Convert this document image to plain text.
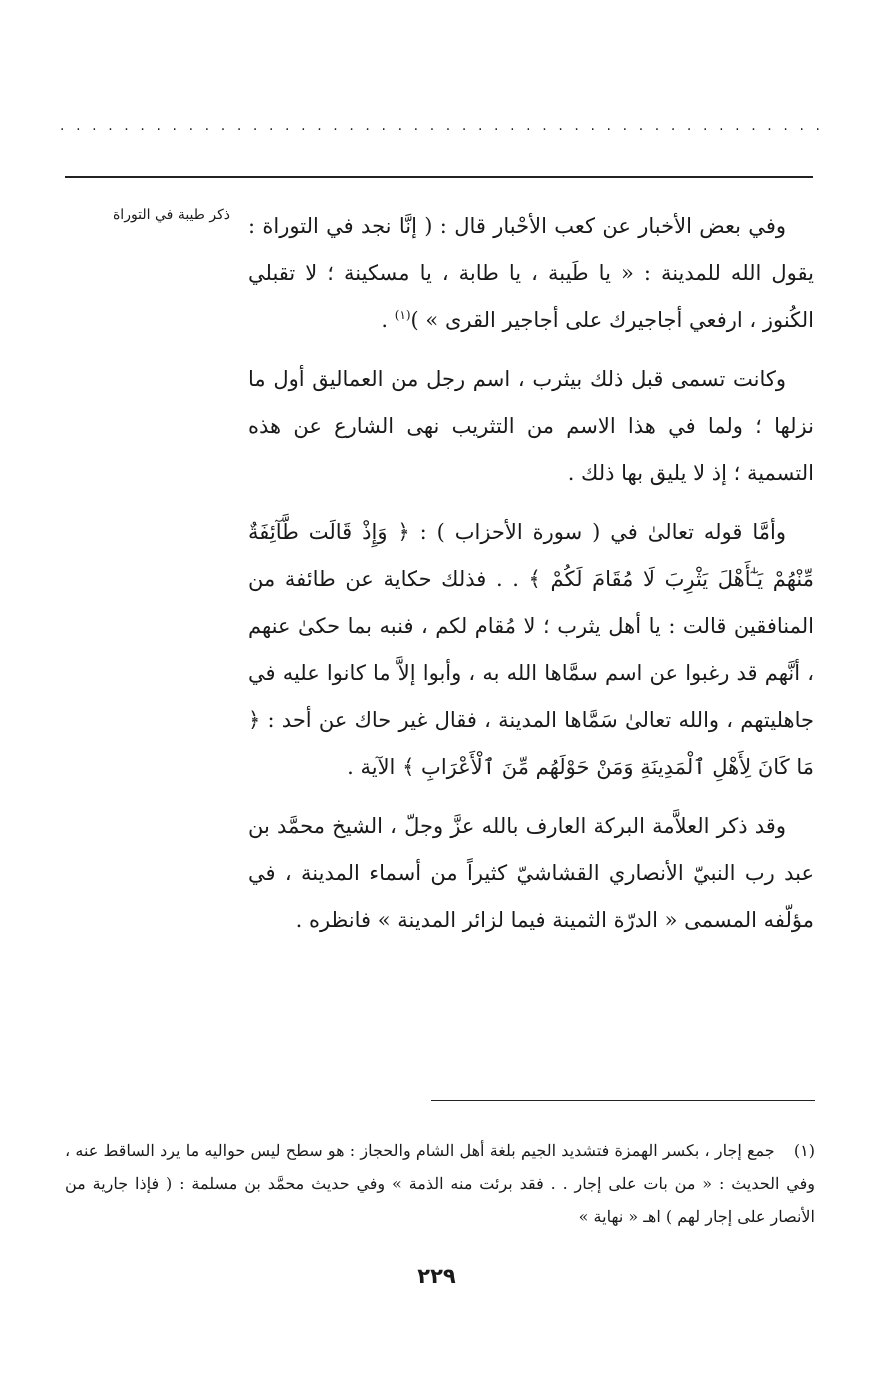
. . . . . . . . . . . . . . . . . . . . . . . . . . . . . . . . . . . . . . . . . . . . . . . .
ذكر طيبة في التوراة وفي بعض الأخبار عن كعب الأحْبار قال : ( إنَّا نجد في التوراة : يقول الله للمدينة : « يا طَيبة ، يا طابة ، يا مسكينة ؛ لا تقبلي الكُنوز ، ارفعي أجاجيرك على أجاجير القرى » )$^{(١)}$ .

وكانت تسمى قبل ذلك بيثرب ، اسم رجل من العماليق أول ما نزلها ؛ ولما في هذا الاسم من التثريب نهى الشارع عن هذه التسمية ؛ إذ لا يليق بها ذلك .

وأمَّا قوله تعالىٰ في ( سورة الأحزاب ) : ﴿ وَإِذْ قَالَت طَّآئِفَةٌ مِّنْهُمْ يَـٰٓأَهْلَ يَثْرِبَ لَا مُقَامَ لَكُمْ ﴾ . . فذلك حكاية عن طائفة من المنافقين قالت : يا أهل يثرب ؛ لا مُقام لكم ، فنبه بما حكىٰ عنهم ، أنَّهم قد رغبوا عن اسم سمَّاها الله به ، وأبوا إلاَّ ما كانوا عليه في جاهليتهم ، والله تعالىٰ سَمَّاها المدينة ، فقال غير حاك عن أحد : ﴿ مَا كَانَ لِأَهْلِ ٱلْمَدِينَةِ وَمَنْ حَوْلَهُم مِّنَ ٱلْأَعْرَابِ ﴾ الآية .

وقد ذكر العلاَّمة البركة العارف بالله عزَّ وجلّ ، الشيخ محمَّد بن عبد رب النبيّ الأنصاري القشاشيّ كثيراً من أسماء المدينة ، في مؤلّفه المسمى « الدرّة الثمينة فيما لزائر المدينة » فانظره .

(١) جمع إجار ، بكسر الهمزة فتشديد الجيم بلغة أهل الشام والحجاز : هو سطح ليس حواليه ما يرد الساقط عنه ، وفي الحديث : « من بات على إجار . . فقد برئت منه الذمة » وفي حديث محمَّد بن مسلمة : ( فإذا جارية من الأنصار على إجار لهم ) اهـ « نهاية »
٢٢٩
